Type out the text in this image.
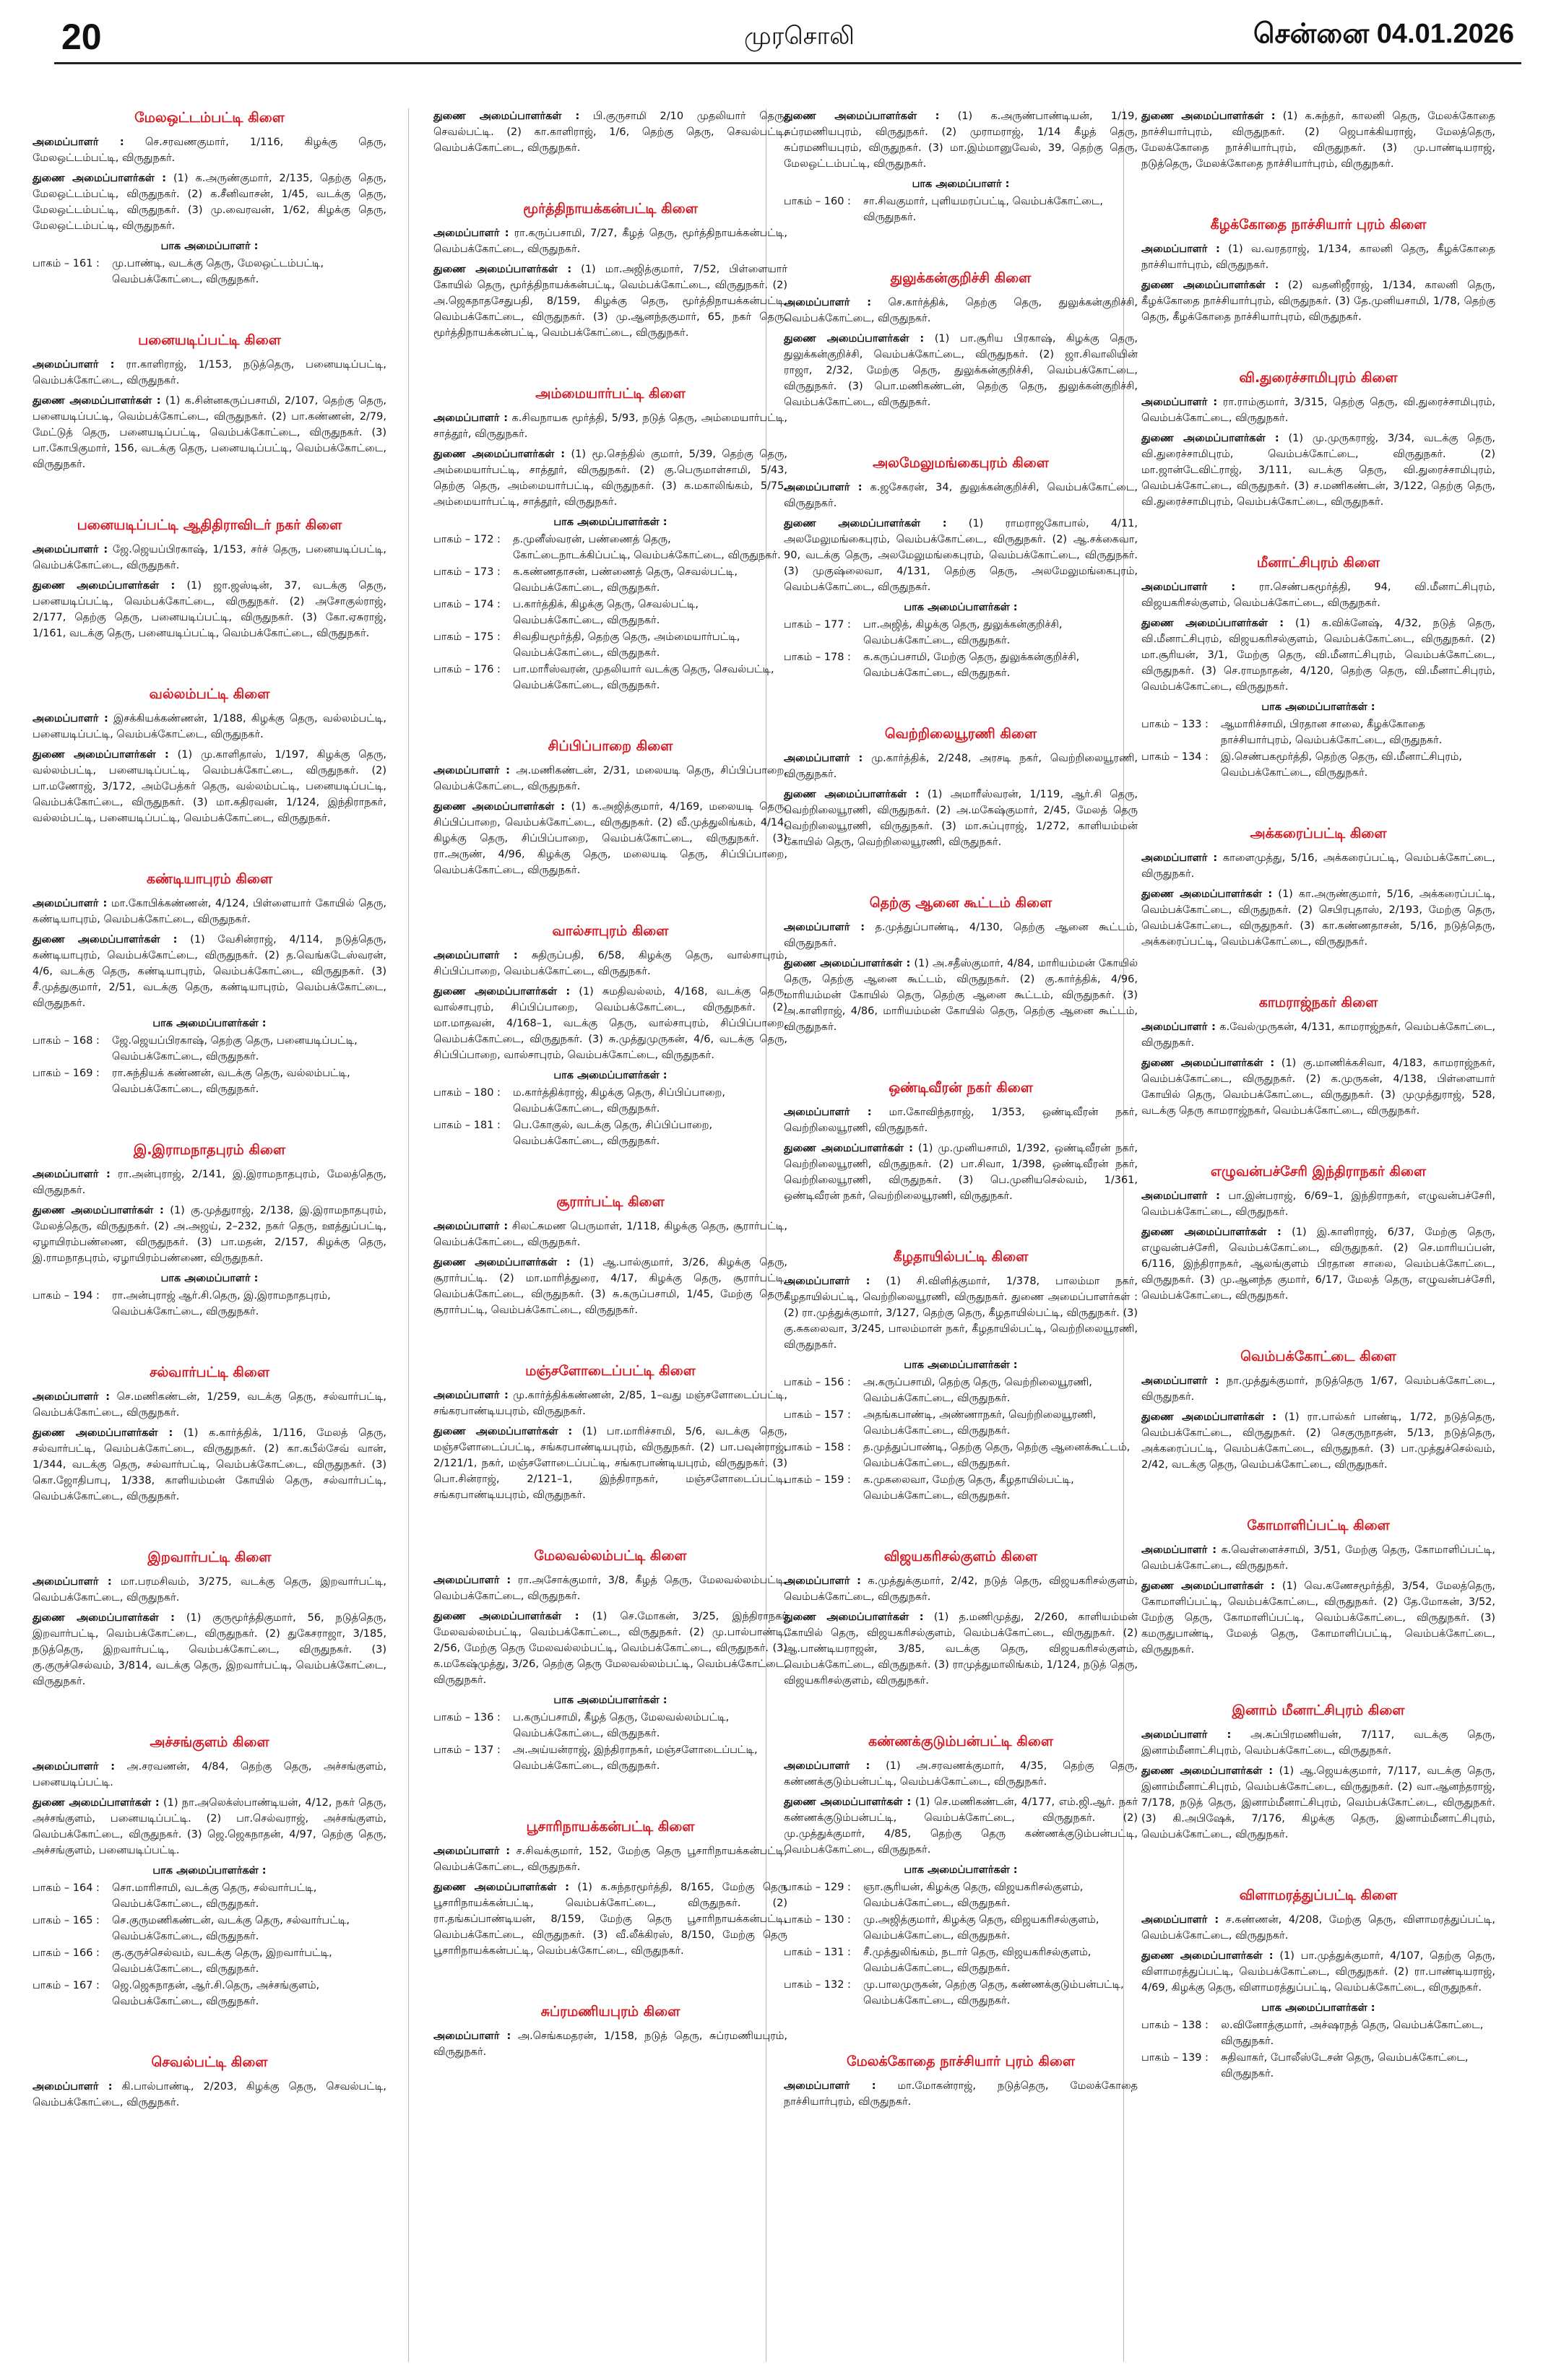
20	முரசொலி	சென்னை 04.01.2026
மேலஒட்டம்பட்டி கிளை

அமைப்பாளர் : செ.சரவணகுமார், 1/116, கிழக்கு தெரு, மேலஒட்டம்பட்டி, விருதுநகர்.

துணை அமைப்பாளர்கள் : (1) க.அருண்குமார், 2/135, தெற்கு தெரு, மேலஒட்டம்பட்டி, விருதுநகர். (2) க.சீனிவாசன், 1/45, வடக்கு தெரு, மேலஒட்டம்பட்டி, விருதுநகர். (3) மு.வைரவன், 1/62, கிழக்கு தெரு, மேலஒட்டம்பட்டி, விருதுநகர்.

பாக அமைப்பாளர் :
பாகம் – 161 :	மு.பாண்டி, வடக்கு தெரு, மேலஒட்டம்பட்டி, வெம்பக்கோட்டை, விருதுநகர்.
பனையடிப்பட்டி கிளை

அமைப்பாளர் : ரா.காளிராஜ், 1/153, நடுத்தெரு, பனையடிப்பட்டி, வெம்பக்கோட்டை, விருதுநகர்.

துணை அமைப்பாளர்கள் : (1) க.சின்னகருப்பசாமி, 2/107, தெற்கு தெரு, பனையடிப்பட்டி, வெம்பக்கோட்டை, விருதுநகர். (2) பா.கண்ணன், 2/79, மேட்டுத் தெரு, பனையடிப்பட்டி, வெம்பக்கோட்டை, விருதுநகர். (3) பா.கோபிகுமார், 156, வடக்கு தெரு, பனையடிப்பட்டி, வெம்பக்கோட்டை, விருதுநகர்.

பனையடிப்பட்டி ஆதிதிராவிடர் நகர் கிளை

அமைப்பாளர் : ஜே.ஜெயப்பிரகாஷ், 1/153, சர்ச் தெரு, பனையடிப்பட்டி, வெம்பக்கோட்டை, விருதுநகர்.

துணை அமைப்பாளர்கள் : (1) ஜா.ஜஸ்டின், 37, வடக்கு தெரு, பனையடிப்பட்டி, வெம்பக்கோட்டை, விருதுநகர். (2) அசோகுல்ராஜ், 2/177, தெற்கு தெரு, பனையடிப்பட்டி, விருதுநகர். (3) கோ.ஏசுராஜ், 1/161, வடக்கு தெரு, பனையடிப்பட்டி, வெம்பக்கோட்டை, விருதுநகர்.

வல்லம்பட்டி கிளை

அமைப்பாளர் : இசக்கியக்கண்ணன், 1/188, கிழக்கு தெரு, வல்லம்பட்டி, பனையடிப்பட்டி, வெம்பக்கோட்டை, விருதுநகர்.

துணை அமைப்பாளர்கள் : (1) மு.காளிதாஸ், 1/197, கிழக்கு தெரு, வல்லம்பட்டி, பனையடிப்பட்டி, வெம்பக்கோட்டை, விருதுநகர். (2) பா.மணோஜ், 3/172, அம்பேத்கர் தெரு, வல்லம்பட்டி, பனையடிப்பட்டி, வெம்பக்கோட்டை, விருதுநகர். (3) மா.கதிரவன், 1/124, இந்திராநகர், வல்லம்பட்டி, பனையடிப்பட்டி, வெம்பக்கோட்டை, விருதுநகர்.

கண்டியாபுரம் கிளை

அமைப்பாளர் : மா.கோபிக்கண்ணன், 4/124, பிள்ளையார் கோயில் தெரு, கண்டியாபுரம், வெம்பக்கோட்டை, விருதுநகர்.

துணை அமைப்பாளர்கள் : (1) வேசின்ராஜ், 4/114, நடுத்தெரு, கண்டியாபுரம், வெம்பக்கோட்டை, விருதுநகர். (2) த.வெங்கடேஸ்வரன், 4/6, வடக்கு தெரு, கண்டியாபுரம், வெம்பக்கோட்டை, விருதுநகர். (3) சீ.முத்துகுமார், 2/51, வடக்கு தெரு, கண்டியாபுரம், வெம்பக்கோட்டை, விருதுநகர்.

பாக அமைப்பாளர்கள் :
பாகம் – 168 :	ஜே.ஜெயப்பிரகாஷ், தெற்கு தெரு, பனையடிப்பட்டி, வெம்பக்கோட்டை, விருதுநகர்.
பாகம் – 169 :	ரா.சுந்தியக் கண்ணன், வடக்கு தெரு, வல்லம்பட்டி, வெம்பக்கோட்டை, விருதுநகர்.
இ.இராமநாதபுரம் கிளை

அமைப்பாளர் : ரா.அன்புராஜ், 2/141, இ.இராமநாதபுரம், மேலத்தெரு, விருதுநகர்.

துணை அமைப்பாளர்கள் : (1) கு.முத்துராஜ், 2/138, இ.இராமநாதபுரம், மேலத்தெரு, விருதுநகர். (2) அ.அஜய், 2–232, நகர் தெரு, ஊத்துப்பட்டி, ஏழாயிரம்பண்ணை, விருதுநகர். (3) பா.மதன், 2/157, கிழக்கு தெரு, இ.ராமநாதபுரம், ஏழாயிரம்பண்ணை, விருதுநகர்.

பாக அமைப்பாளர் :
பாகம் – 194 :	ரா.அன்புராஜ் ஆர்.சி.தெரு, இ.இராமநாதபுரம், வெம்பக்கோட்டை, விருதுநகர்.
சல்வார்பட்டி கிளை

அமைப்பாளர் : செ.மணிகண்டன், 1/259, வடக்கு தெரு, சல்வார்பட்டி, வெம்பக்கோட்டை, விருதுநகர்.

துணை அமைப்பாளர்கள் : (1) க.கார்த்திக், 1/116, மேலத் தெரு, சல்வார்பட்டி, வெம்பக்கோட்டை, விருதுநகர். (2) கா.கபீல்சேவ் வான், 1/344, வடக்கு தெரு, சல்வார்பட்டி, வெம்பக்கோட்டை, விருதுநகர். (3) கொ.ஜோதிபாபு, 1/338, காளியம்மன் கோயில் தெரு, சல்வார்பட்டி, வெம்பக்கோட்டை, விருதுநகர்.

இறவார்பட்டி கிளை

அமைப்பாளர் : மா.பரமசிவம், 3/275, வடக்கு தெரு, இறவார்பட்டி, வெம்பக்கோட்டை, விருதுநகர்.

துணை அமைப்பாளர்கள் : (1) குருமூர்த்திகுமார், 56, நடுத்தெரு, இறவார்பட்டி, வெம்பக்கோட்டை, விருதுநகர். (2) துகேசராஜா, 3/185, நடுத்தெரு, இறவார்பட்டி, வெம்பக்கோட்டை, விருதுநகர். (3) கு.குருச்செல்வம், 3/814, வடக்கு தெரு, இறவார்பட்டி, வெம்பக்கோட்டை, விருதுநகர்.

அச்சங்குளம் கிளை

அமைப்பாளர் : அ.சரவணன், 4/84, தெற்கு தெரு, அச்சங்குளம், பனையடிப்பட்டி.

துணை அமைப்பாளர்கள் : (1) நா.அலெக்ஸ்பாண்டியன், 4/12, நகர் தெரு, அச்சங்குளம், பனையடிப்பட்டி. (2) பா.செல்வராஜ், அச்சங்குளம், வெம்பக்கோட்டை, விருதுநகர். (3) ஜெ.ஜெகநாதன், 4/97, தெற்கு தெரு, அச்சங்குளம், பனையடிப்பட்டி.

பாக அமைப்பாளர்கள் :
பாகம் – 164 :	சொ.மாரிசாமி, வடக்கு தெரு, சல்வார்பட்டி, வெம்பக்கோட்டை, விருதுநகர்.
பாகம் – 165 :	செ.குருமணிகண்டன், வடக்கு தெரு, சல்வார்பட்டி, வெம்பக்கோட்டை, விருதுநகர்.
பாகம் – 166 :	கு.குருச்செல்வம், வடக்கு தெரு, இறவார்பட்டி, வெம்பக்கோட்டை, விருதுநகர்.
பாகம் – 167 :	ஜெ.ஜெகநாதன், ஆர்.சி.தெரு, அச்சங்குளம், வெம்பக்கோட்டை, விருதுநகர்.
செவல்பட்டி கிளை

அமைப்பாளர் : கி.பால்பாண்டி, 2/203, கிழக்கு தெரு, செவல்பட்டி, வெம்பக்கோட்டை, விருதுநகர்.

துணை அமைப்பாளர்கள் : பி.குருசாமி 2/10 முதலியார் தெரு, செவல்பட்டி. (2) கா.காளிராஜ், 1/6, தெற்கு தெரு, செவல்பட்டி, வெம்பக்கோட்டை, விருதுநகர்.

மூர்த்திநாயக்கன்பட்டி கிளை

அமைப்பாளர் : ரா.கருப்பசாமி, 7/27, கீழத் தெரு, மூர்த்திநாயக்கன்பட்டி, வெம்பக்கோட்டை, விருதுநகர்.

துணை அமைப்பாளர்கள் : (1) மா.அஜித்குமார், 7/52, பிள்ளையார் கோயில் தெரு, மூர்த்திநாயக்கன்பட்டி, வெம்பக்கோட்டை, விருதுநகர். (2) அ.ஜெகநாதசேதுபதி, 8/159, கிழக்கு தெரு, மூர்த்திநாயக்கன்பட்டி, வெம்பக்கோட்டை, விருதுநகர். (3) மு.ஆனந்தகுமார், 65, நகர் தெரு, மூர்த்திநாயக்கன்பட்டி, வெம்பக்கோட்டை, விருதுநகர்.

அம்மையார்பட்டி கிளை

அமைப்பாளர் : க.சிவநாயக மூர்த்தி, 5/93, நடுத் தெரு, அம்மையார்பட்டி, சாத்தூர், விருதுநகர்.

துணை அமைப்பாளர்கள் : (1) மூ.செந்தில் குமார், 5/39, தெற்கு தெரு, அம்மையார்பட்டி, சாத்தூர், விருதுநகர். (2) கு.பெருமாள்சாமி, 5/43, தெற்கு தெரு, அம்மையார்பட்டி, விருதுநகர். (3) க.மகாலிங்கம், 5/75, அம்மையார்பட்டி, சாத்தூர், விருதுநகர்.

பாக அமைப்பாளர்கள் :
பாகம் – 172 :	த.முனீஸ்வரன், பண்ணைத் தெரு, கோட்டைநாடக்கிப்பட்டி, வெம்பக்கோட்டை, விருதுநகர்.
பாகம் – 173 :	க.கண்ணதாசன், பண்ணைத் தெரு, செவல்பட்டி, வெம்பக்கோட்டை, விருதுநகர்.
பாகம் – 174 :	ப.கார்த்திக், கிழக்கு தெரு, செவல்பட்டி, வெம்பக்கோட்டை, விருதுநகர்.
பாகம் – 175 :	சிவதியமூர்த்தி, தெற்கு தெரு, அம்மையார்பட்டி, வெம்பக்கோட்டை, விருதுநகர்.
பாகம் – 176 :	பா.மாரீஸ்வரன், முதலியார் வடக்கு தெரு, செவல்பட்டி, வெம்பக்கோட்டை, விருதுநகர்.
சிப்பிப்பாறை கிளை

அமைப்பாளர் : அ.மணிகண்டன், 2/31, மலையடி தெரு, சிப்பிப்பாறை, வெம்பக்கோட்டை, விருதுநகர்.

துணை அமைப்பாளர்கள் : (1) க.அஜித்குமார், 4/169, மலையடி தெரு, சிப்பிப்பாறை, வெம்பக்கோட்டை, விருதுநகர். (2) வீ.முத்துலிங்கம், 4/14, கிழக்கு தெரு, சிப்பிப்பாறை, வெம்பக்கோட்டை, விருதுநகர். (3) ரா.அருண், 4/96, கிழக்கு தெரு, மலையடி தெரு, சிப்பிப்பாறை, வெம்பக்கோட்டை, விருதுநகர்.

வால்சாபுரம் கிளை

அமைப்பாளர் : சுதிருப்பதி, 6/58, கிழக்கு தெரு, வால்சாபுரம், சிப்பிப்பாறை, வெம்பக்கோட்டை, விருதுநகர்.

துணை அமைப்பாளர்கள் : (1) சுமதிவல்லம், 4/168, வடக்கு தெரு, வால்சாபுரம், சிப்பிப்பாறை, வெம்பக்கோட்டை, விருதுநகர். (2) மா.மாதவன், 4/168–1, வடக்கு தெரு, வால்சாபுரம், சிப்பிப்பாறை, வெம்பக்கோட்டை, விருதுநகர். (3) சு.முத்துமுருகன், 4/6, வடக்கு தெரு, சிப்பிப்பாறை, வால்சாபுரம், வெம்பக்கோட்டை, விருதுநகர்.

பாக அமைப்பாளர்கள் :
பாகம் – 180 :	ம.கார்த்திக்ராஜ், கிழக்கு தெரு, சிப்பிப்பாறை, வெம்பக்கோட்டை, விருதுநகர்.
பாகம் – 181 :	பெ.கோகுல், வடக்கு தெரு, சிப்பிப்பாறை, வெம்பக்கோட்டை, விருதுநகர்.
சூரார்பட்டி கிளை

அமைப்பாளர் : சிலட்சுமண பெருமாள், 1/118, கிழக்கு தெரு, சூரார்பட்டி, வெம்பக்கோட்டை, விருதுநகர்.

துணை அமைப்பாளர்கள் : (1) ஆ.பால்குமார், 3/26, கிழக்கு தெரு, சூரார்பட்டி. (2) மா.மாரித்துரை, 4/17, கிழக்கு தெரு, சூரார்பட்டி, வெம்பக்கோட்டை, விருதுநகர். (3) சு.கருப்பசாமி, 1/45, மேற்கு தெரு, சூரார்பட்டி, வெம்பக்கோட்டை, விருதுநகர்.

மஞ்சளோடைப்பட்டி கிளை

அமைப்பாளர் : மு.கார்த்திக்கண்ணன், 2/85, 1–வது மஞ்சளோடைப்பட்டி, சங்கரபாண்டியபுரம், விருதுநகர்.

துணை அமைப்பாளர்கள் : (1) பா.மாரிச்சாமி, 5/6, வடக்கு தெரு, மஞ்சளோடைப்பட்டி, சங்கரபாண்டியபுரம், விருதுநகர். (2) பா.பவுன்ராஜ், 2/121/1, நகர், மஞ்சளோடைப்பட்டி, சங்கரபாண்டியபுரம், விருதுநகர். (3) பொ.சின்ராஜ், 2/121–1, இந்திராநகர், மஞ்சளோடைப்பட்டி, சங்கரபாண்டியபுரம், விருதுநகர்.

மேலவல்லம்பட்டி கிளை

அமைப்பாளர் : ரா.அசோக்குமார், 3/8, கீழத் தெரு, மேலவல்லம்பட்டி, வெம்பக்கோட்டை, விருதுநகர்.

துணை அமைப்பாளர்கள் : (1) செ.மோகன், 3/25, இந்திராநகர் மேலவல்லம்பட்டி, வெம்பக்கோட்டை, விருதுநகர். (2) மு.பால்பாண்டி, 2/56, மேற்கு தெரு மேலவல்லம்பட்டி, வெம்பக்கோட்டை, விருதுநகர். (3) க.மகேஷ்முத்து, 3/26, தெற்கு தெரு மேலவல்லம்பட்டி, வெம்பக்கோட்டை, விருதுநகர்.

பாக அமைப்பாளர்கள் :
பாகம் – 136 :	ப.கருப்பசாமி, கீழத் தெரு, மேலவல்லம்பட்டி, வெம்பக்கோட்டை, விருதுநகர்.
பாகம் – 137 :	அ.அய்யன்ராஜ், இந்திராநகர், மஞ்சளோடைப்பட்டி, வெம்பக்கோட்டை, விருதுநகர்.
பூசாரிநாயக்கன்பட்டி கிளை

அமைப்பாளர் : ச.சிவக்குமார், 152, மேற்கு தெரு பூசாரிநாயக்கன்பட்டி, வெம்பக்கோட்டை, விருதுநகர்.

துணை அமைப்பாளர்கள் : (1) க.சுந்தரமூர்த்தி, 8/165, மேற்கு தெரு பூசாரிநாயக்கன்பட்டி, வெம்பக்கோட்டை, விருதுநகர். (2) ரா.தங்கப்பாண்டியன், 8/159, மேற்கு தெரு பூசாரிநாயக்கன்பட்டி, வெம்பக்கோட்டை, விருதுநகர். (3) வீ.லீக்கிரஸ், 8/150, மேற்கு தெரு பூசாரிநாயக்கன்பட்டி, வெம்பக்கோட்டை, விருதுநகர்.

சுப்ரமணியபுரம் கிளை

அமைப்பாளர் : அ.செங்கமதரன், 1/158, நடுத் தெரு, சுப்ரமணியபுரம், விருதுநகர்.

துணை அமைப்பாளர்கள் : (1) க.அருண்பாண்டியன், 1/19, சுப்ரமணியபுரம், விருதுநகர். (2) முராமராஜ், 1/14 கீழத் தெரு, சுப்ரமணியபுரம், விருதுநகர். (3) மா.இம்மானுவேல், 39, தெற்கு தெரு, மேலஒட்டம்பட்டி, விருதுநகர்.

பாக அமைப்பாளர் :
பாகம் – 160 :	சா.சிவகுமார், புளியமரப்பட்டி, வெம்பக்கோட்டை, விருதுநகர்.
துலுக்கன்குறிச்சி கிளை

அமைப்பாளர் : செ.கார்த்திக், தெற்கு தெரு, துலுக்கன்குறிச்சி, வெம்பக்கோட்டை, விருதுநகர்.

துணை அமைப்பாளர்கள் : (1) பா.சூரிய பிரகாஷ், கிழக்கு தெரு, துலுக்கன்குறிச்சி, வெம்பக்கோட்டை, விருதுநகர். (2) ஜா.சிவாலியின் ராஜா, 2/32, மேற்கு தெரு, துலுக்கன்குறிச்சி, வெம்பக்கோட்டை, விருதுநகர். (3) பொ.மணிகண்டன், தெற்கு தெரு, துலுக்கன்குறிச்சி, வெம்பக்கோட்டை, விருதுநகர்.

அலமேலுமங்கைபுரம் கிளை

அமைப்பாளர் : க.ஜசேகரன், 34, துலுக்கன்குறிச்சி, வெம்பக்கோட்டை, விருதுநகர்.

துணை அமைப்பாளர்கள் : (1) ராமராஜகோபால், 4/11, அலமேலுமங்கைபுரம், வெம்பக்கோட்டை, விருதுநகர். (2) ஆ.சக்கைவா, 90, வடக்கு தெரு, அலமேலுமங்கைபுரம், வெம்பக்கோட்டை, விருதுநகர். (3) முகுஷ்லைவா, 4/131, தெற்கு தெரு, அலமேலுமங்கைபுரம், வெம்பக்கோட்டை, விருதுநகர்.

பாக அமைப்பாளர்கள் :
பாகம் – 177 :	பா.அஜித், கிழக்கு தெரு, துலுக்கன்குறிச்சி, வெம்பக்கோட்டை, விருதுநகர்.
பாகம் – 178 :	க.கருப்பசாமி, மேற்கு தெரு, துலுக்கன்குறிச்சி, வெம்பக்கோட்டை, விருதுநகர்.
வெற்றிலையூரணி கிளை

அமைப்பாளர் : மு.கார்த்திக், 2/248, அரசடி நகர், வெற்றிலையூரணி, விருதுநகர்.

துணை அமைப்பாளர்கள் : (1) அமாரீஸ்வரன், 1/119, ஆர்.சி தெரு, வெற்றிலையூரணி, விருதுநகர். (2) அ.மகேஷ்குமார், 2/45, மேலத் தெரு வெற்றிலையூரணி, விருதுநகர். (3) மா.சுப்புராஜ், 1/272, காளியம்மன் கோயில் தெரு, வெற்றிலையூரணி, விருதுநகர்.

தெற்கு ஆனை கூட்டம் கிளை

அமைப்பாளர் : த.முத்துப்பாண்டி, 4/130, தெற்கு ஆனை கூட்டம், விருதுநகர்.

துணை அமைப்பாளர்கள் : (1) அ.சதீஸ்குமார், 4/84, மாரியம்மன் கோயில் தெரு, தெற்கு ஆனை கூட்டம், விருதுநகர். (2) கு.கார்த்திக், 4/96, மாரியம்மன் கோயில் தெரு, தெற்கு ஆனை கூட்டம், விருதுநகர். (3) அ.காளிராஜ், 4/86, மாரியம்மன் கோயில் தெரு, தெற்கு ஆனை கூட்டம், விருதுநகர்.

ஒண்டிவீரன் நகர் கிளை

அமைப்பாளர் : மா.கோவிந்தராஜ், 1/353, ஒண்டிவீரன் நகர், வெற்றிலையூரணி, விருதுநகர்.

துணை அமைப்பாளர்கள் : (1) மு.முனியசாமி, 1/392, ஒண்டிவீரன் நகர், வெற்றிலையூரணி, விருதுநகர். (2) பா.சிவா, 1/398, ஒண்டிவீரன் நகர், வெற்றிலையூரணி, விருதுநகர். (3) பெ.முனியசெல்வம், 1/361, ஒண்டிவீரன் நகர், வெற்றிலையூரணி, விருதுநகர்.

கீழதாயில்பட்டி கிளை

அமைப்பாளர் : (1) சி.விளித்குமார், 1/378, பாலம்மா நகர், கீழதாயில்பட்டி, வெற்றிலையூரணி, விருதுநகர். துணை அமைப்பாளர்கள் : (2) ரா.முத்துக்குமார், 3/127, தெற்கு தெரு, கீழதாயில்பட்டி, விருதுநகர். (3) கு.சுகலைவா, 3/245, பாலம்மாள் நகர், கீழதாயில்பட்டி, வெற்றிலையூரணி, விருதுநகர்.

பாக அமைப்பாளர்கள் :
பாகம் – 156 :	அ.கருப்பசாமி, தெற்கு தெரு, வெற்றிலையூரணி, வெம்பக்கோட்டை, விருதுநகர்.
பாகம் – 157 :	அதங்கபாண்டி, அண்ணாநகர், வெற்றிலையூரணி, வெம்பக்கோட்டை, விருதுநகர்.
பாகம் – 158 :	த.முத்துப்பாண்டி, தெற்கு தெரு, தெற்கு ஆனைக்கூட்டம், வெம்பக்கோட்டை, விருதுநகர்.
பாகம் – 159 :	க.முகலைவா, மேற்கு தெரு, கீழதாயில்பட்டி, வெம்பக்கோட்டை, விருதுநகர்.
விஜயகரிசல்குளம் கிளை

அமைப்பாளர் : க.முத்துக்குமார், 2/42, நடுத் தெரு, விஜயகரிசல்குளம், வெம்பக்கோட்டை, விருதுநகர்.

துணை அமைப்பாளர்கள் : (1) த.மணிமுத்து, 2/260, காளியம்மன் கோயில் தெரு, விஜயகரிசல்குளம், வெம்பக்கோட்டை, விருதுநகர். (2) ஆ.பாண்டியராஜன், 3/85, வடக்கு தெரு, விஜயகரிசல்குளம், வெம்பக்கோட்டை, விருதுநகர். (3) ராமுத்துமாலிங்கம், 1/124, நடுத் தெரு, விஜயகரிசல்குளம், விருதுநகர்.

கண்ணக்குடும்பன்பட்டி கிளை

அமைப்பாளர் : (1) அ.சரவணக்குமார், 4/35, தெற்கு தெரு, கண்ணக்குடும்பன்பட்டி, வெம்பக்கோட்டை, விருதுநகர்.

துணை அமைப்பாளர்கள் : (1) செ.மணிகண்டன், 4/177, எம்.ஜி.ஆர். நகர் கண்ணக்குடும்பன்பட்டி, வெம்பக்கோட்டை, விருதுநகர். (2) மு.முத்துக்குமார், 4/85, தெற்கு தெரு கண்ணக்குடும்பன்பட்டி, வெம்பக்கோட்டை, விருதுநகர்.

பாக அமைப்பாளர்கள் :
பாகம் – 129 :	ஞா.சூரியன், கிழக்கு தெரு, விஜயகரிசல்குளம், வெம்பக்கோட்டை, விருதுநகர்.
பாகம் – 130 :	மு.அஜித்குமார், கிழக்கு தெரு, விஜயகரிசல்குளம், வெம்பக்கோட்டை, விருதுநகர்.
பாகம் – 131 :	சீ.முத்துலிங்கம், நடார் தெரு, விஜயகரிசல்குளம், வெம்பக்கோட்டை, விருதுநகர்.
பாகம் – 132 :	மு.பாலமுருகன், தெற்கு தெரு, கண்ணக்குடும்பன்பட்டி, வெம்பக்கோட்டை, விருதுநகர்.
மேலக்கோதை நாச்சியார் புரம் கிளை

அமைப்பாளர் : மா.மோகன்ராஜ், நடுத்தெரு, மேலக்கோதை நாச்சியார்புரம், விருதுநகர்.

துணை அமைப்பாளர்கள் : (1) க.சுந்தர், காலனி தெரு, மேலக்கோதை நாச்சியார்புரம், விருதுநகர். (2) ஜெபாக்கியராஜ், மேலத்தெரு, மேலக்கோதை நாச்சியார்புரம், விருதுநகர். (3) மு.பாண்டியராஜ், நடுத்தெரு, மேலக்கோதை நாச்சியார்புரம், விருதுநகர்.

கீழக்கோதை நாச்சியார் புரம் கிளை

அமைப்பாளர் : (1) வ.வரதராஜ், 1/134, காலனி தெரு, கீழக்கோதை நாச்சியார்புரம், விருதுநகர்.

துணை அமைப்பாளர்கள் : (2) வதனிஜீராஜ், 1/134, காலனி தெரு, கீழக்கோதை நாச்சியார்புரம், விருதுநகர். (3) தே.முனியசாமி, 1/78, தெற்கு தெரு, கீழக்கோதை நாச்சியார்புரம், விருதுநகர்.

வி.துரைச்சாமிபுரம் கிளை

அமைப்பாளர் : ரா.ராம்குமார், 3/315, தெற்கு தெரு, வி.துரைச்சாமிபுரம், வெம்பக்கோட்டை, விருதுநகர்.

துணை அமைப்பாளர்கள் : (1) மு.முருகராஜ், 3/34, வடக்கு தெரு, வி.துரைச்சாமிபுரம், வெம்பக்கோட்டை, விருதுநகர். (2) மா.ஜான்டேவிட்ராஜ், 3/111, வடக்கு தெரு, வி.துரைச்சாமிபுரம், வெம்பக்கோட்டை, விருதுநகர். (3) ச.மணிகண்டன், 3/122, தெற்கு தெரு, வி.துரைச்சாமிபுரம், வெம்பக்கோட்டை, விருதுநகர்.

மீனாட்சிபுரம் கிளை

அமைப்பாளர் : ரா.செண்பகமூர்த்தி, 94, வி.மீனாட்சிபுரம், விஜயகரிசல்குளம், வெம்பக்கோட்டை, விருதுநகர்.

துணை அமைப்பாளர்கள் : (1) க.விக்னேஷ், 4/32, நடுத் தெரு, வி.மீனாட்சிபுரம், விஜயகரிசல்குளம், வெம்பக்கோட்டை, விருதுநகர். (2) மா.சூரியன், 3/1, மேற்கு தெரு, வி.மீனாட்சிபுரம், வெம்பக்கோட்டை, விருதுநகர். (3) செ.ராமநாதன், 4/120, தெற்கு தெரு, வி.மீனாட்சிபுரம், வெம்பக்கோட்டை, விருதுநகர்.

பாக அமைப்பாளர்கள் :
பாகம் – 133 :	ஆமாரிச்சாமி, பிரதான சாலை, கீழக்கோதை நாச்சியார்புரம், வெம்பக்கோட்டை, விருதுநகர்.
பாகம் – 134 :	இ.செண்பகமூர்த்தி, தெற்கு தெரு, வி.மீனாட்சிபுரம், வெம்பக்கோட்டை, விருதுநகர்.
அக்கரைப்பட்டி கிளை

அமைப்பாளர் : காளைமுத்து, 5/16, அக்கரைப்பட்டி, வெம்பக்கோட்டை, விருதுநகர்.

துணை அமைப்பாளர்கள் : (1) கா.அருண்குமார், 5/16, அக்கரைப்பட்டி, வெம்பக்கோட்டை, விருதுநகர். (2) செபிரபுதாஸ், 2/193, மேற்கு தெரு, வெம்பக்கோட்டை, விருதுநகர். (3) கா.கண்ணதாசன், 5/16, நடுத்தெரு, அக்கரைப்பட்டி, வெம்பக்கோட்டை, விருதுநகர்.

காமராஜ்நகர் கிளை

அமைப்பாளர் : க.வேல்முருகன், 4/131, காமராஜ்நகர், வெம்பக்கோட்டை, விருதுநகர்.

துணை அமைப்பாளர்கள் : (1) கு.மாணிக்கசிவா, 4/183, காமராஜ்நகர், வெம்பக்கோட்டை, விருதுநகர். (2) க.முருகன், 4/138, பிள்ளையார் கோயில் தெரு, வெம்பக்கோட்டை, விருதுநகர். (3) முமுத்துராஜ், 528, வடக்கு தெரு காமராஜ்நகர், வெம்பக்கோட்டை, விருதுநகர்.

எழுவன்பச்சேரி இந்திராநகர் கிளை

அமைப்பாளர் : பா.இன்பராஜ், 6/69–1, இந்திராநகர், எழுவன்பச்சேரி, வெம்பக்கோட்டை, விருதுநகர்.

துணை அமைப்பாளர்கள் : (1) இ.காளிராஜ், 6/37, மேற்கு தெரு, எழுவன்பச்சேரி, வெம்பக்கோட்டை, விருதுநகர். (2) செ.மாரியப்பன், 6/116, இந்திராநகர், ஆலங்குளம் பிரதான சாலை, வெம்பக்கோட்டை, விருதுநகர். (3) மு.ஆனந்த குமார், 6/17, மேலத் தெரு, எழுவன்பச்சேரி, வெம்பக்கோட்டை, விருதுநகர்.

வெம்பக்கோட்டை கிளை

அமைப்பாளர் : நா.முத்துக்குமார், நடுத்தெரு 1/67, வெம்பக்கோட்டை, விருதுநகர்.

துணை அமைப்பாளர்கள் : (1) ரா.பால்கர் பாண்டி, 1/72, நடுத்தெரு, வெம்பக்கோட்டை, விருதுநகர். (2) செகுருநாதன், 5/13, நடுத்தெரு, அக்கரைப்பட்டி, வெம்பக்கோட்டை, விருதுநகர். (3) பா.முத்துச்செல்வம், 2/42, வடக்கு தெரு, வெம்பக்கோட்டை, விருதுநகர்.

கோமாளிப்பட்டி கிளை

அமைப்பாளர் : க.வெள்ளைச்சாமி, 3/51, மேற்கு தெரு, கோமாளிப்பட்டி, வெம்பக்கோட்டை, விருதுநகர்.

துணை அமைப்பாளர்கள் : (1) வெ.கணேசமூர்த்தி, 3/54, மேலத்தெரு, கோமாளிப்பட்டி, வெம்பக்கோட்டை, விருதுநகர். (2) தே.மோகன், 3/52, மேற்கு தெரு, கோமாளிப்பட்டி, வெம்பக்கோட்டை, விருதுநகர். (3) கமருதுபாண்டி, மேலத் தெரு, கோமாளிப்பட்டி, வெம்பக்கோட்டை, விருதுநகர்.

இனாம் மீனாட்சிபுரம் கிளை

அமைப்பாளர் : அ.சுப்பிரமணியன், 7/117, வடக்கு தெரு, இனாம்மீனாட்சிபுரம், வெம்பக்கோட்டை, விருதுநகர்.

துணை அமைப்பாளர்கள் : (1) ஆ.ஜெயக்குமார், 7/117, வடக்கு தெரு, இனாம்மீனாட்சிபுரம், வெம்பக்கோட்டை, விருதுநகர். (2) வா.ஆனந்தராஜ், 7/178, நடுத் தெரு, இனாம்மீனாட்சிபுரம், வெம்பக்கோட்டை, விருதுநகர். (3) கி.அபிஷேக், 7/176, கிழக்கு தெரு, இனாம்மீனாட்சிபுரம், வெம்பக்கோட்டை, விருதுநகர்.

விளாமரத்துப்பட்டி கிளை

அமைப்பாளர் : ச.கண்ணன், 4/208, மேற்கு தெரு, விளாமரத்துப்பட்டி, வெம்பக்கோட்டை, விருதுநகர்.

துணை அமைப்பாளர்கள் : (1) பா.முத்துக்குமார், 4/107, தெற்கு தெரு, விளாமரத்துப்பட்டி, வெம்பக்கோட்டை, விருதுநகர். (2) ரா.பாண்டியராஜ், 4/69, கிழக்கு தெரு, விளாமரத்துப்பட்டி, வெம்பக்கோட்டை, விருதுநகர்.

பாக அமைப்பாளர்கள் :
பாகம் – 138 :	ல.வினோத்குமார், அச்ஷரநத் தெரு, வெம்பக்கோட்டை, விருதுநகர்.
பாகம் – 139 :	சுதிவாகர், போலீஸ்டேசன் தெரு, வெம்பக்கோட்டை, விருதுநகர்.
